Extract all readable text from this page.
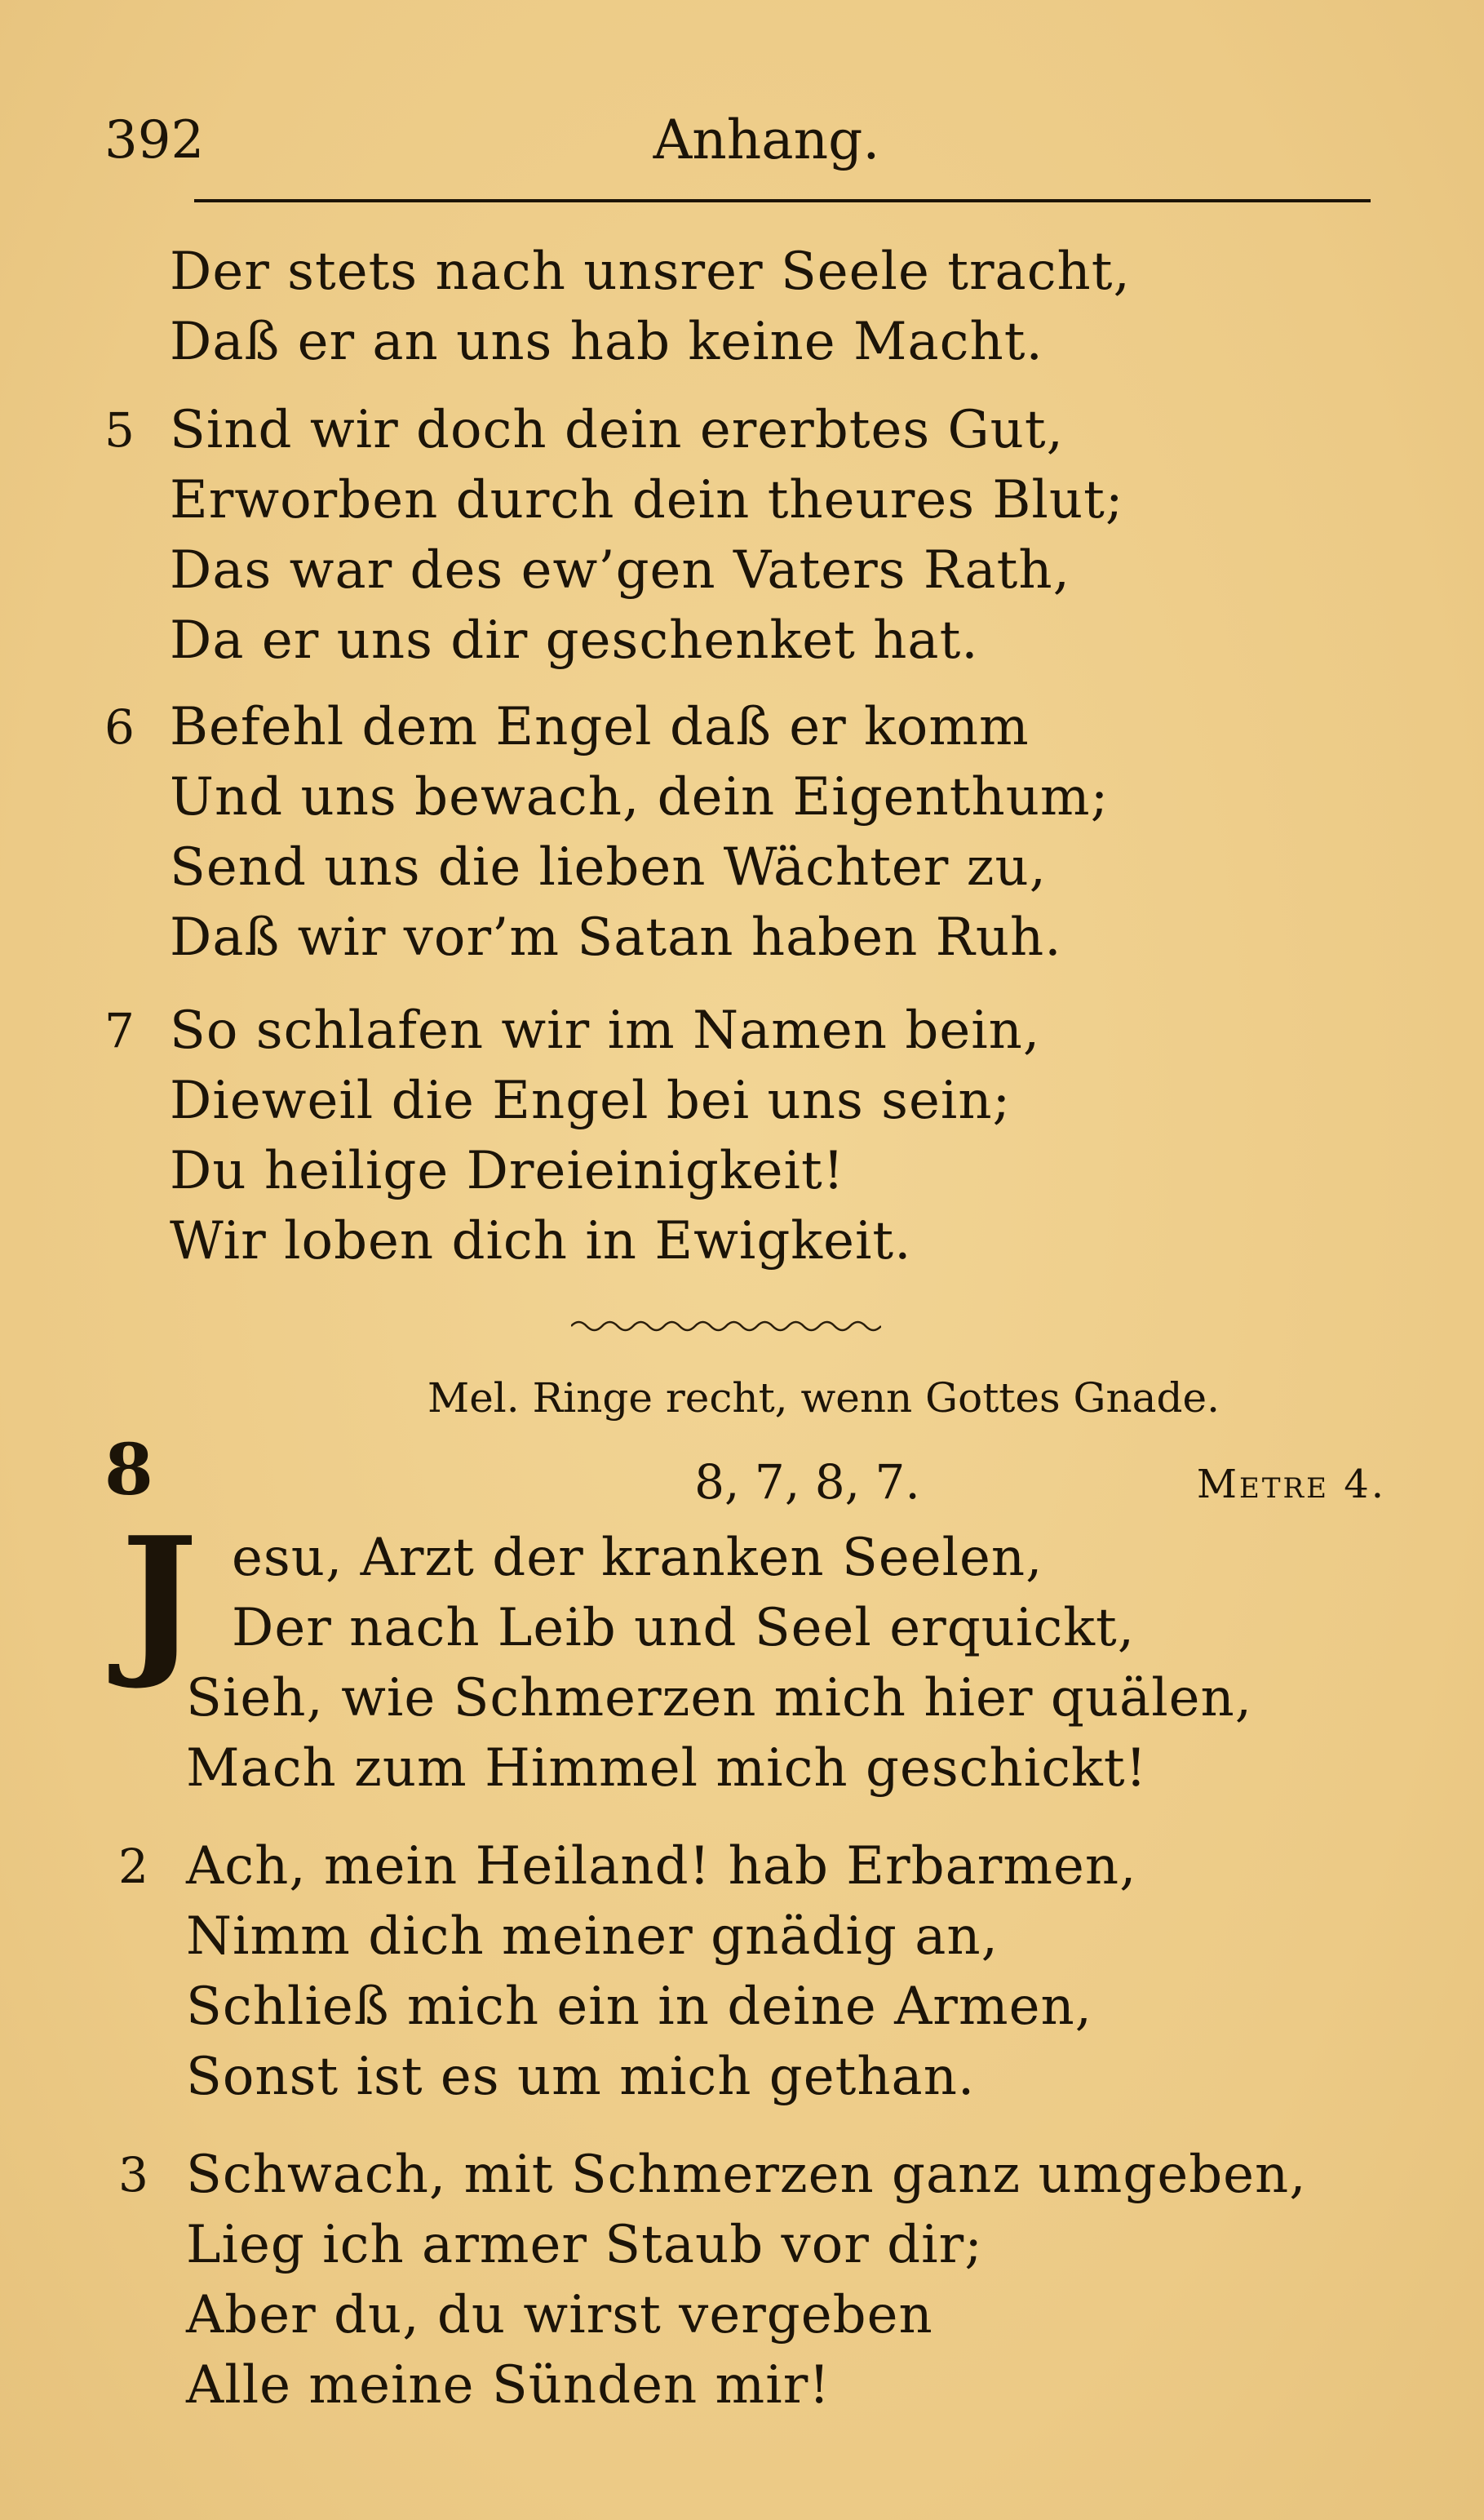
392	Anhang.
Der stets nach unsrer Seele tracht,
Daß er an uns hab keine Macht.
5 Sind wir doch dein ererbtes Gut,
Erworben durch dein theures Blut;
Das war des ew’gen Vaters Rath,
Da er uns dir geschenket hat.
6 Befehl dem Engel daß er komm
Und uns bewach, dein Eigenthum;
Send uns die lieben Wächter zu,
Daß wir vor’m Satan haben Ruh.
7 So schlafen wir im Namen bein,
Dieweil die Engel bei uns sein;
Du heilige Dreieinigkeit!
Wir loben dich in Ewigkeit.
Mel. Ringe recht, wenn Gottes Gnade.
8	8, 7, 8, 7.	Metre 4.
J esu, Arzt der kranken Seelen,
Der nach Leib und Seel erquickt,
Sieh, wie Schmerzen mich hier quälen,
Mach zum Himmel mich geschickt!
2 Ach, mein Heiland! hab Erbarmen,
Nimm dich meiner gnädig an,
Schließ mich ein in deine Armen,
Sonst ist es um mich gethan.
3 Schwach, mit Schmerzen ganz umgeben,
Lieg ich armer Staub vor dir;
Aber du, du wirst vergeben
Alle meine Sünden mir!
